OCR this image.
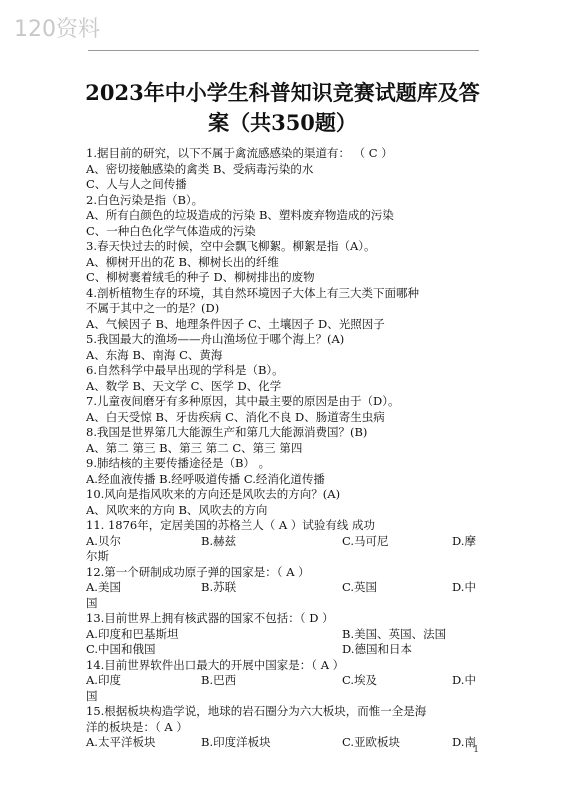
120资料
2023年中小学生科普知识竞赛试题库及答
案（共350题）
1.据目前的研究，以下不属于禽流感感染的渠道有： （ C ）
A、密切接触感染的禽类 B、受病毒污染的水
C、人与人之间传播
2.白色污染是指（B）。
A、所有白颜色的垃圾造成的污染 B、塑料废弃物造成的污染
C、一种白色化学气体造成的污染
3.春天快过去的时候，空中会飘飞柳絮。柳絮是指（A）。
A、柳树开出的花 B、柳树长出的纤维
C、柳树裹着绒毛的种子 D、柳树排出的废物
4.剖析植物生存的环境，其自然环境因子大体上有三大类下面哪种
不属于其中之一的是？(D)
A、气候因子 B、地理条件因子 C、土壤因子 D、光照因子
5.我国最大的渔场——舟山渔场位于哪个海上？(A)
A、东海 B、南海 C、黄海
6.自然科学中最早出现的学科是（B）。
A、数学 B、天文学 C、医学 D、化学
7.儿童夜间磨牙有多种原因，其中最主要的原因是由于（D）。
A、白天受惊 B、牙齿疾病 C、消化不良 D、肠道寄生虫病
8.我国是世界第几大能源生产和第几大能源消费国？(B)
A、第二 第三 B、第三 第二 C、第三 第四
9.肺结核的主要传播途径是（B） 。
A.经血液传播 B.经呼吸道传播 C.经消化道传播
10.风向是指风吹来的方向还是风吹去的方向？(A)
A、风吹来的方向 B、风吹去的方向
11. 1876年，定居美国的苏格兰人（ A ）试验有线 成功
A.贝尔	B.赫兹	C.马可尼	D.摩
尔斯
12.第一个研制成功原子弹的国家是：（ A ）
A.美国	B.苏联	C.英国	D.中
国
13.目前世界上拥有核武器的国家不包括：（ D ）
A.印度和巴基斯坦	B.美国、英国、法国
C.中国和俄国	D.德国和日本
14.目前世界软件出口最大的开展中国家是：（ A ）
A.印度	B.巴西	C.埃及	D.中
国
15.根据板块构造学说，地球的岩石圈分为六大板块，而惟一全是海
洋的板块是：（ A ）
A.太平洋板块	B.印度洋板块	C.亚欧板块	D.南
1
